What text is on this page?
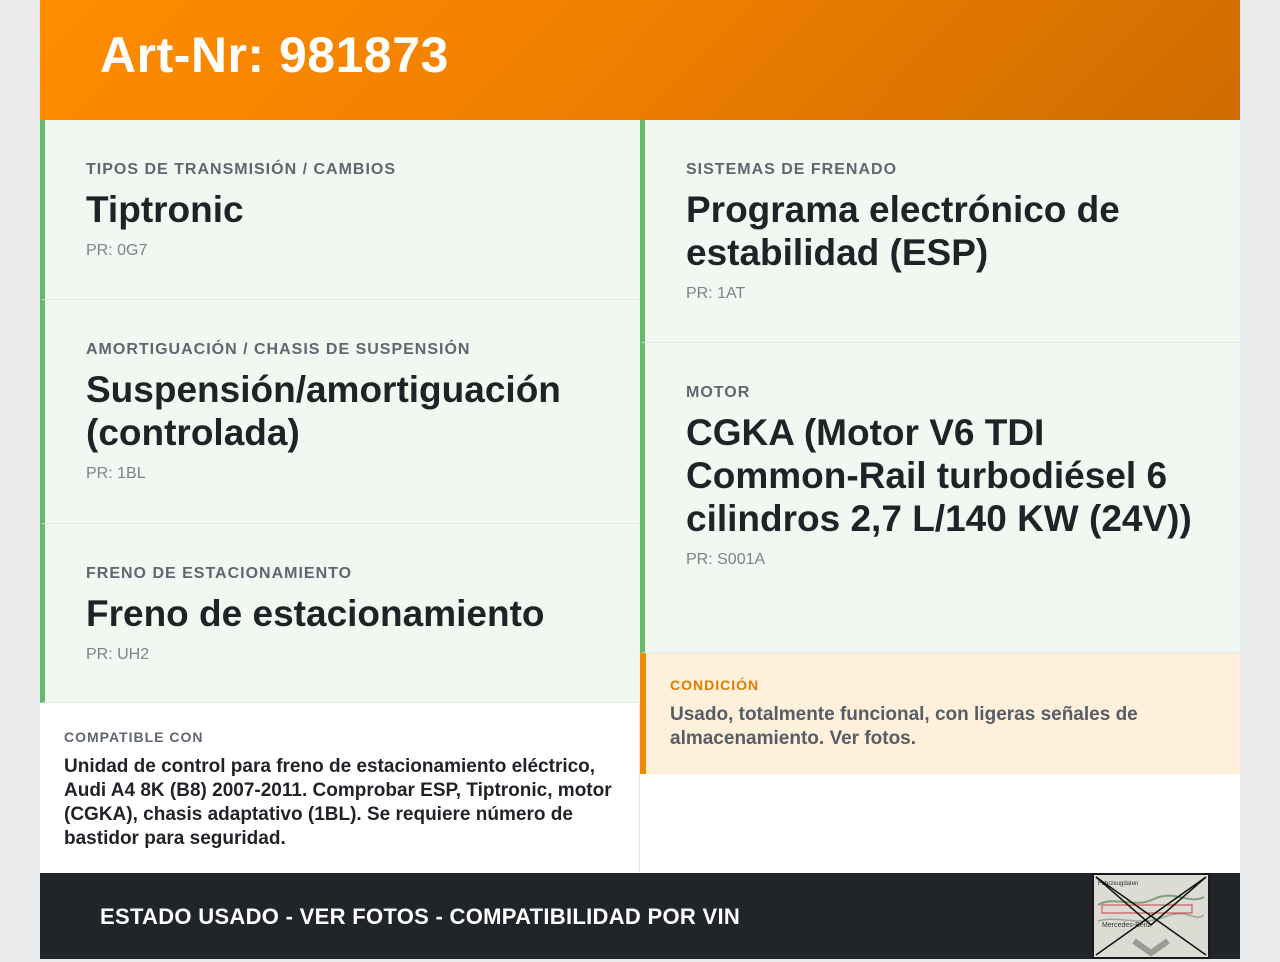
Art-Nr: 981873
TIPOS DE TRANSMISIÓN / CAMBIOS
Tiptronic
PR: 0G7
AMORTIGUACIÓN / CHASIS DE SUSPENSIÓN
Suspensión/amortiguación (controlada)
PR: 1BL
FRENO DE ESTACIONAMIENTO
Freno de estacionamiento
PR: UH2
SISTEMAS DE FRENADO
Programa electrónico de estabilidad (ESP)
PR: 1AT
MOTOR
CGKA (Motor V6 TDI Common-Rail turbodiésel 6 cilindros 2,7 L/140 KW (24V))
PR: S001A
COMPATIBLE CON
Unidad de control para freno de estacionamiento eléctrico, Audi A4 8K (B8) 2007-2011. Comprobar ESP, Tiptronic, motor (CGKA), chasis adaptativo (1BL). Se requiere número de bastidor para seguridad.
CONDICIÓN
Usado, totalmente funcional, con ligeras señales de almacenamiento. Ver fotos.
ESTADO USADO - VER FOTOS - COMPATIBILIDAD POR VIN
Fahrzeugdaten
Mercedes-Benz
